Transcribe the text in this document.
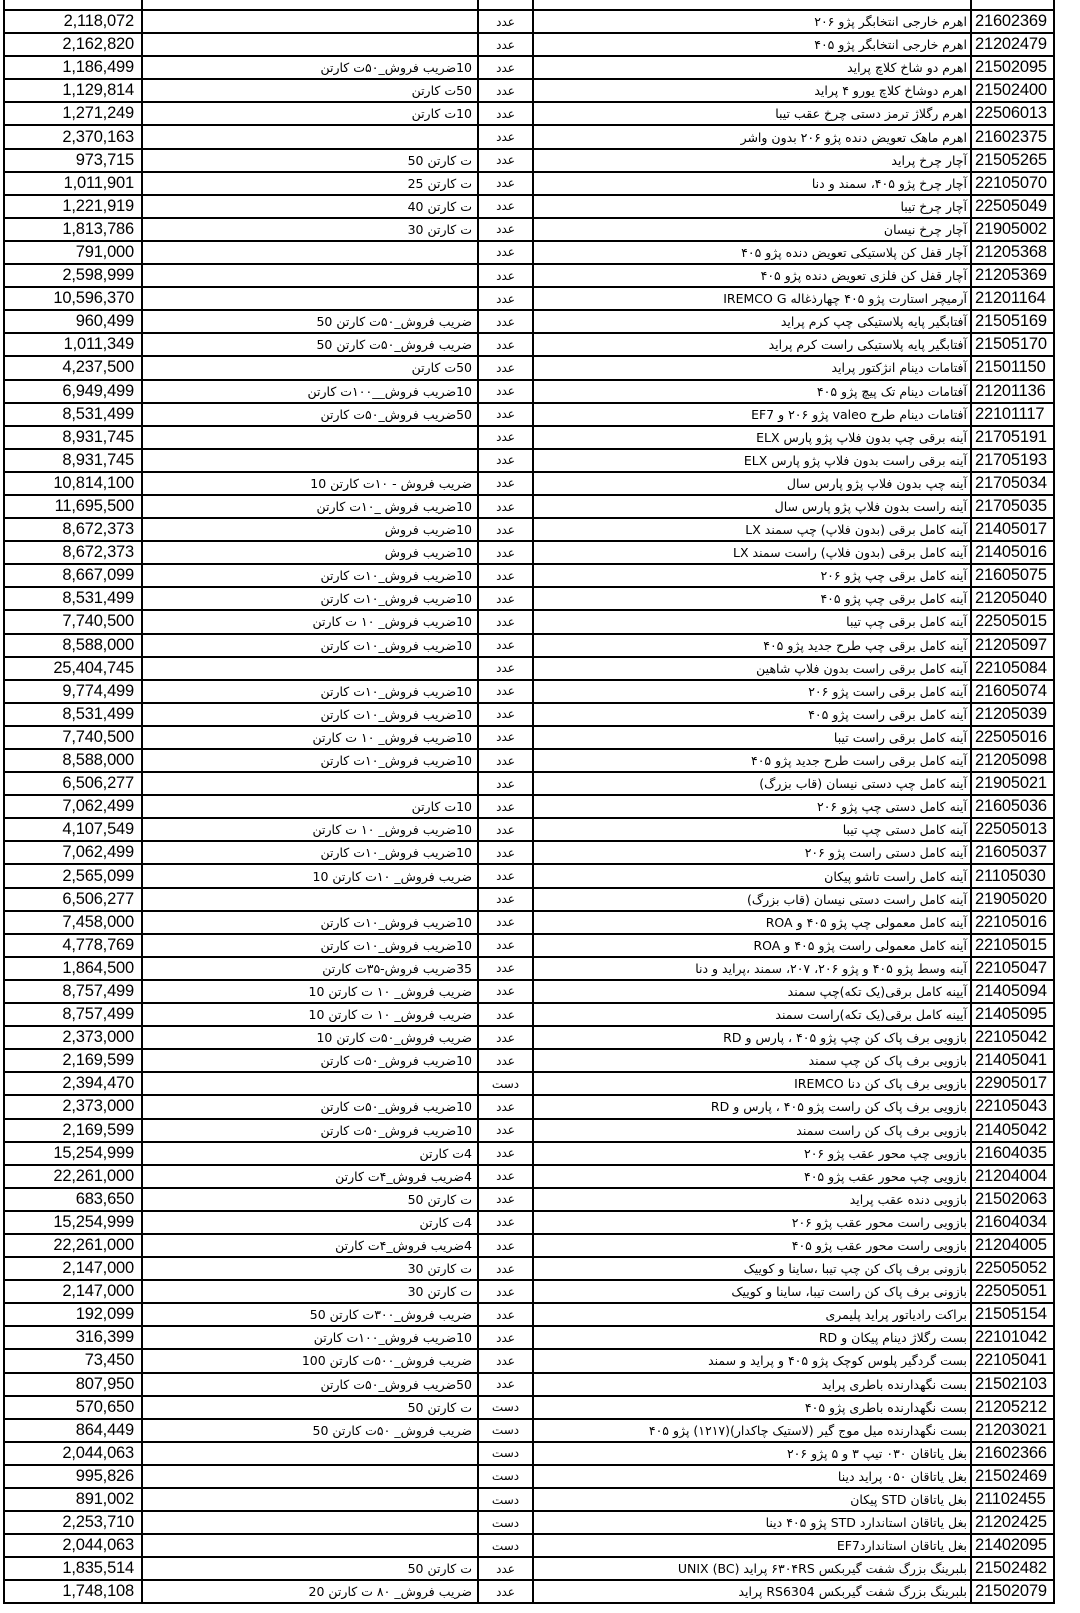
2,118,072		عدد	اهرم خارجی انتخابگر پژو ۲۰۶	21602369
2,162,820		عدد	اهرم خارجی انتخابگر پژو ۴۰۵	21202479
1,186,499	10ضریب فروش_۵۰ت کارتن	عدد	اهرم دو شاخ کلاچ پراید	21502095
1,129,814	50ت کارتن	عدد	اهرم دوشاخ کلاچ یورو ۴ پراید	21502400
1,271,249	10ت کارتن	عدد	اهرم رگلاژ ترمز دستی چرخ عقب تیبا	22506013
2,370,163		عدد	اهرم ماهک تعویض دنده پژو ۲۰۶ بدون واشر	21602375
973,715	ت کارتن 50	عدد	آچار چرخ پراید	21505265
1,011,901	ت کارتن 25	عدد	آچار چرخ پژو ۴۰۵، سمند و دنا	22105070
1,221,919	ت کارتن 40	عدد	آچار چرخ تیبا	22505049
1,813,786	ت کارتن 30	عدد	آچار چرخ نیسان	21905002
791,000		عدد	آچار قفل کن پلاستیکی تعویض دنده پژو ۴۰۵	21205368
2,598,999		عدد	آچار قفل کن فلزی تعویض دنده پژو ۴۰۵	21205369
10,596,370		عدد	آرمیچر استارت پژو ۴۰۵ چهارذغاله IREMCO G	21201164
960,499	ضریب فروش_۵۰ت کارتن 50	عدد	آفتابگیر پایه پلاستیکی چپ کرم پراید	21505169
1,011,349	ضریب فروش_۵۰ت کارتن 50	عدد	آفتابگیر پایه پلاستیکی راست کرم پراید	21505170
4,237,500	50ت کارتن	عدد	آفتامات دینام انژکتور پراید	21501150
6,949,499	10ضریب فروش__۱۰۰ت کارتن	عدد	آفتامات دینام تک پیچ پژو ۴۰۵	21201136
8,531,499	50ضریب فروش_۵۰ت کارتن	عدد	آفتامات دینام طرح valeo پژو ۲۰۶ و EF7	22101117
8,931,745		عدد	آینه برقی چپ بدون فلاپ پژو پارس ELX	21705191
8,931,745		عدد	آینه برقی راست بدون فلاپ پژو پارس ELX	21705193
10,814,100	ضریب فروش - ۱۰ت کارتن 10	عدد	آینه چپ بدون فلاپ پژو پارس سال	21705034
11,695,500	10ضریب فروش _۱۰ت کارتن	عدد	آینه راست بدون فلاپ پژو پارس سال	21705035
8,672,373	10ضریب فروش	عدد	آینه کامل برقی (بدون فلاپ) چپ سمند LX	21405017
8,672,373	10ضریب فروش	عدد	آینه کامل برقی (بدون فلاپ) راست سمند LX	21405016
8,667,099	10ضریب فروش_۱۰ت کارتن	عدد	آینه کامل برقی چپ پژو ۲۰۶	21605075
8,531,499	10ضریب فروش_۱۰ت کارتن	عدد	آینه کامل برقی چپ پژو ۴۰۵	21205040
7,740,500	10ضریب فروش_ ۱۰ ت کارتن	عدد	آینه کامل برقی چپ تیبا	22505015
8,588,000	10ضریب فروش_۱۰ت کارتن	عدد	آینه کامل برقی چپ طرح جدید پژو ۴۰۵	21205097
25,404,745		عدد	آینه کامل برقی راست بدون فلاپ شاهین	22105084
9,774,499	10ضریب فروش_۱۰ت کارتن	عدد	آینه کامل برقی راست پژو ۲۰۶	21605074
8,531,499	10ضریب فروش_۱۰ت کارتن	عدد	آینه کامل برقی راست پژو ۴۰۵	21205039
7,740,500	10ضریب فروش_ ۱۰ ت کارتن	عدد	آینه کامل برقی راست تیبا	22505016
8,588,000	10ضریب فروش_۱۰ت کارتن	عدد	آینه کامل برقی راست طرح جدید پژو ۴۰۵	21205098
6,506,277		عدد	آینه کامل چپ دستی نیسان (قاب بزرگ)	21905021
7,062,499	10ت کارتن	عدد	آینه کامل دستی چپ پژو ۲۰۶	21605036
4,107,549	10ضریب فروش_ ۱۰ ت کارتن	عدد	آینه کامل دستی چپ تیبا	22505013
7,062,499	10ضریب فروش_۱۰ت کارتن	عدد	آینه کامل دستی راست پژو ۲۰۶	21605037
2,565,099	ضریب فروش_ ۱۰ت کارتن 10	عدد	آینه کامل راست تاشو پیکان	21105030
6,506,277		عدد	آینه کامل راست دستی نیسان (قاب بزرگ)	21905020
7,458,000	10ضریب فروش_۱۰ت کارتن	عدد	آینه کامل معمولی چپ پژو ۴۰۵ و ROA	22105016
4,778,769	10ضریب فروش_۱۰ت کارتن	عدد	آینه کامل معمولی راست پژو ۴۰۵ و ROA	22105015
1,864,500	35ضریب فروش-۳۵ت کارتن	عدد	آینه وسط پژو ۴۰۵ و پژو ۲۰۶، ۲۰۷، سمند ،پراید و دنا	22105047
8,757,499	ضریب فروش_ ۱۰ ت کارتن 10	عدد	آیینه کامل برقی(یک تکه)چپ سمند	21405094
8,757,499	ضریب فروش_ ۱۰ ت کارتن 10	عدد	آیینه کامل برقی(یک تکه)راست سمند	21405095
2,373,000	ضریب فروش_۵۰ت کارتن 10	عدد	بازویی برف پاک کن چپ پژو ۴۰۵ ، پارس و RD	22105042
2,169,599	10ضریب فروش_۵۰ت کارتن	عدد	بازویی برف پاک کن چپ سمند	21405041
2,394,470		دست	بازویی برف پاک کن دنا IREMCO	22905017
2,373,000	10ضریب فروش_۵۰ت کارتن	عدد	بازویی برف پاک کن راست پژو ۴۰۵ ، پارس و RD	22105043
2,169,599	10ضریب فروش_۵۰ت کارتن	عدد	بازویی برف پاک کن راست سمند	21405042
15,254,999	4ت کارتن	عدد	بازویی چپ محور عقب پژو ۲۰۶	21604035
22,261,000	4ضریب فروش_۴ت کارتن	عدد	بازویی چپ محور عقب پژو ۴۰۵	21204004
683,650	ت کارتن 50	عدد	بازویی دنده عقب پراید	21502063
15,254,999	4ت کارتن	عدد	بازویی راست محور عقب پژو ۲۰۶	21604034
22,261,000	4ضریب فروش_۴ت کارتن	عدد	بازویی راست محور عقب پژو ۴۰۵	21204005
2,147,000	ت کارتن 30	عدد	بازونی برف پاک کن چپ تیبا ،ساینا و کوییک	22505052
2,147,000	ت کارتن 30	عدد	بازونی برف پاک کن راست تیبا، ساینا و کوییک	22505051
192,099	ضریب فروش_۳۰۰ت کارتن 50	عدد	براکت رادیاتور پراید پلیمری	21505154
316,399	10ضریب فروش_۱۰۰ت کارتن	عدد	بست رگلاژ دینام پیکان و RD	22101042
73,450	ضریب فروش_۵۰۰ت کارتن 100	عدد	بست گردگیر پلوس کوچک پژو ۴۰۵ و پراید و سمند	22105041
807,950	50ضریب فروش_۵۰ت کارتن	عدد	بست نگهدارنده باطری پراید	21502103
570,650	ت کارتن 50	دست	بست نگهدارنده باطری پژو ۴۰۵	21205212
864,449	ضریب فروش_ ۵۰ت کارتن 50	دست	بست نگهدارنده میل موج گیر (لاستیک چاکدار)(۱۲۱۷) پژو ۴۰۵	21203021
2,044,063		دست	بغل یاتاقان ۰۳۰ تیپ ۳ و ۵ پژو ۲۰۶	21602366
995,826		دست	بغل یاتاقان ۰۵۰ پراید دینا	21502469
891,002		دست	بغل یاتاقان STD پیکان	21102455
2,253,710		دست	بغل یاتاقان استاندارد STD پژو ۴۰۵ دینا	21202425
2,044,063		دست	بغل یاتاقان استانداردEF7	21402095
1,835,514	ت کارتن 50	عدد	بلبرینگ بزرگ شفت گیربکس ۶۳۰۴RS پراید (BC) UNIX	21502482
1,748,108	ضریب فروش_ ۸۰ ت کارتن 20	عدد	بلبرینگ بزرگ شفت گیربکس RS6304 پراید	21502079
